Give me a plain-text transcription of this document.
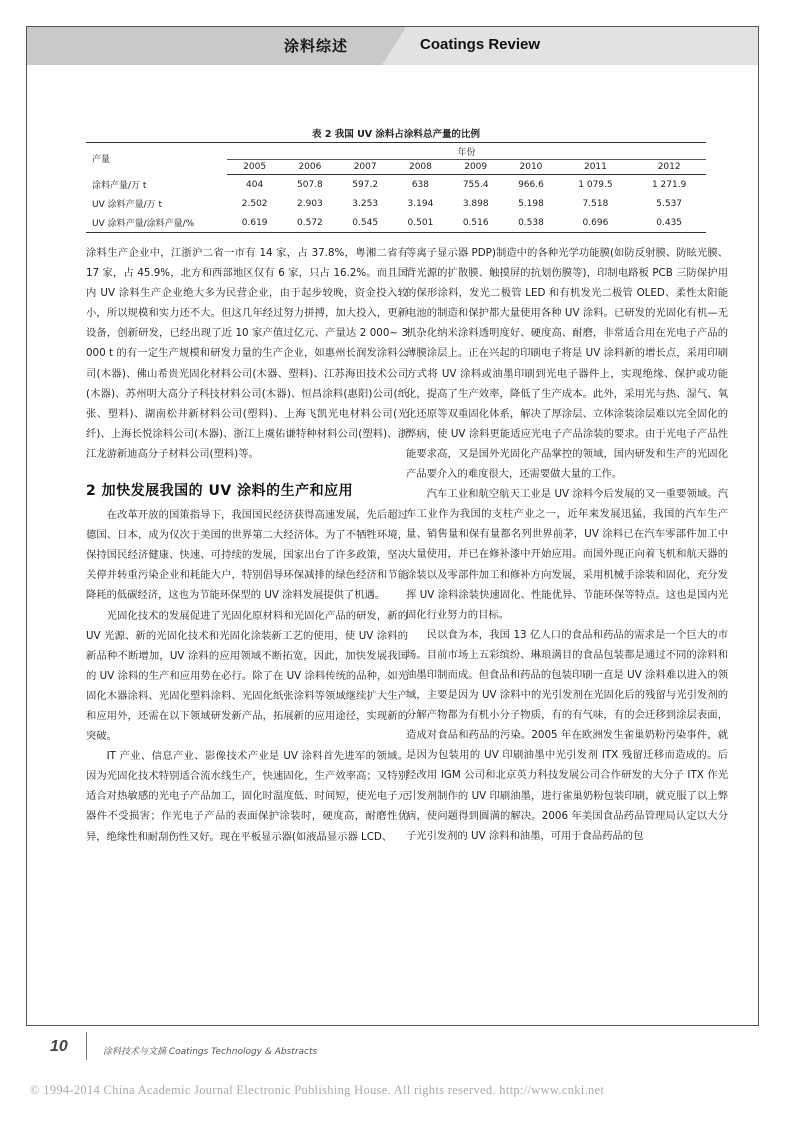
涂料综述	Coatings Review
表 2 我国 UV 涂料占涂料总产量的比例
产量	年份							
	2005	2006	2007	2008	2009	2010	2011	2012
涂料产量/万 t	404	507.8	597.2	638	755.4	966.6	1 079.5	1 271.9
UV 涂料产量/万 t	2.502	2.903	3.253	3.194	3.898	5.198	7.518	5.537
UV 涂料产量/涂料产量/%	0.619	0.572	0.545	0.501	0.516	0.538	0.696	0.435

涂料生产企业中，江浙沪二省一市有 14 家，占 37.8%，粤湘二省有 17 家，占 45.9%，北方和西部地区仅有 6 家，只占 16.2%。而且国内 UV 涂料生产企业绝大多为民营企业，由于起步较晚，资金投入较小，所以规模和实力还不大。但这几年经过努力拼搏，加大投入，更新设备，创新研发，已经出现了近 10 家产值过亿元、产量达 2 000~ 3 000 t 的有一定生产规模和研发力量的生产企业，如惠州长润发涂料公司(木器)、佛山希贵光固化材料公司(木器、塑料)、江苏海田技术公司(木器)、苏州明大高分子科技材料公司(木器)、恒昌涂料(惠阳)公司(纸张、塑料)、湖南松井新材料公司(塑料)、上海飞凯光电材料公司(光纤)、上海长悦涂料公司(木器)、浙江上虞佑谦特种材料公司(塑料)、浙江龙游新迪高分子材料公司(塑料)等。

2 加快发展我国的 UV 涂料的生产和应用

在改革开放的国策指导下，我国国民经济获得高速发展，先后超过德国、日本，成为仅次于美国的世界第二大经济体。为了不牺牲环境，保持国民经济健康、快速、可持续的发展，国家出台了许多政策，坚决关停并转重污染企业和耗能大户，特别倡导环保减排的绿色经济和节能降耗的低碳经济，这也为节能环保型的 UV 涂料发展提供了机遇。

光固化技术的发展促进了光固化原材料和光固化产品的研发，新的 UV 光源、新的光固化技术和光固化涂装新工艺的使用，使 UV 涂料的新品种不断增加，UV 涂料的应用领域不断拓宽，因此，加快发展我国的 UV 涂料的生产和应用势在必行。除了在 UV 涂料传统的品种，如光固化木器涂料、光固化塑料涂料、光固化纸张涂料等领域继续扩大生产和应用外，还需在以下领域研发新产品，拓展新的应用途径，实现新的突破。

IT 产业、信息产业、影像技术产业是 UV 涂料首先进军的领域。因为光固化技术特别适合流水线生产，快速固化，生产效率高；又特别适合对热敏感的光电子产品加工，固化时温度低、时间短，使光电子元器件不受损害；作光电子产品的表面保护涂装时，硬度高，耐磨性优异，绝缘性和耐刮伤性又好。现在平板显示器(如液晶显示器 LCD、

等离子显示器 PDP)制造中的各种光学功能膜(如防反射膜、防眩光膜、背光源的扩散膜、触摸屏的抗划伤膜等)，印制电路板 PCB 三防保护用的保形涂料，发光二极管 LED 和有机发光二极管 OLED、柔性太阳能电池的制造和保护都大量使用各种 UV 涂料。已研发的光固化有机—无机杂化纳米涂料透明度好、硬度高、耐磨，非常适合用在光电子产品的薄膜涂层上。正在兴起的印刷电子将是 UV 涂料新的增长点，采用印刷方式将 UV 涂料或油墨印刷到光电子器件上，实现绝缘、保护或功能化，提高了生产效率，降低了生产成本。此外，采用光与热、湿气、氧化还原等双重固化体系，解决了厚涂层、立体涂装涂层难以完全固化的弊病，使 UV 涂料更能适应光电子产品涂装的要求。由于光电子产品性能要求高，又是国外光固化产品掌控的领域，国内研发和生产的光固化产品要介入的难度很大，还需要做大量的工作。

汽车工业和航空航天工业是 UV 涂料今后发展的又一重要领域。汽车工业作为我国的支柱产业之一，近年来发展迅猛，我国的汽车生产量、销售量和保有量都名列世界前茅，UV 涂料已在汽车零部件加工中大量使用，并已在修补漆中开始应用。而国外现正向着飞机和航天器的涂装以及零部件加工和修补方向发展，采用机械手涂装和固化，充分发挥 UV 涂料涂装快速固化、性能优异、节能环保等特点。这也是国内光固化行业努力的目标。

民以食为本，我国 13 亿人口的食品和药品的需求是一个巨大的市场。目前市场上五彩缤纷、琳琅满目的食品包装都是通过不同的涂料和油墨印制而成。但食品和药品的包装印刷一直是 UV 涂料难以进入的领域，主要是因为 UV 涂料中的光引发剂在光固化后的残留与光引发剂的分解产物都为有机小分子物质，有的有气味，有的会迁移到涂层表面，造成对食品和药品的污染。2005 年在欧洲发生雀巢奶粉污染事件，就是因为包装用的 UV 印刷油墨中光引发剂 ITX 残留迁移而造成的。后经改用 IGM 公司和北京英力科技发展公司合作研发的大分子 ITX 作光引发剂制作的 UV 印刷油墨，进行雀巢奶粉包装印刷，就克服了以上弊病，使问题得到圆满的解决。2006 年美国食品药品管理局认定以大分子光引发剂的 UV 涂料和油墨，可用于食品药品的包

10	涂料技术与文摘 Coatings Technology & Abstracts
© 1994-2014 China Academic Journal Electronic Publishing House. All rights reserved. http://www.cnki.net
